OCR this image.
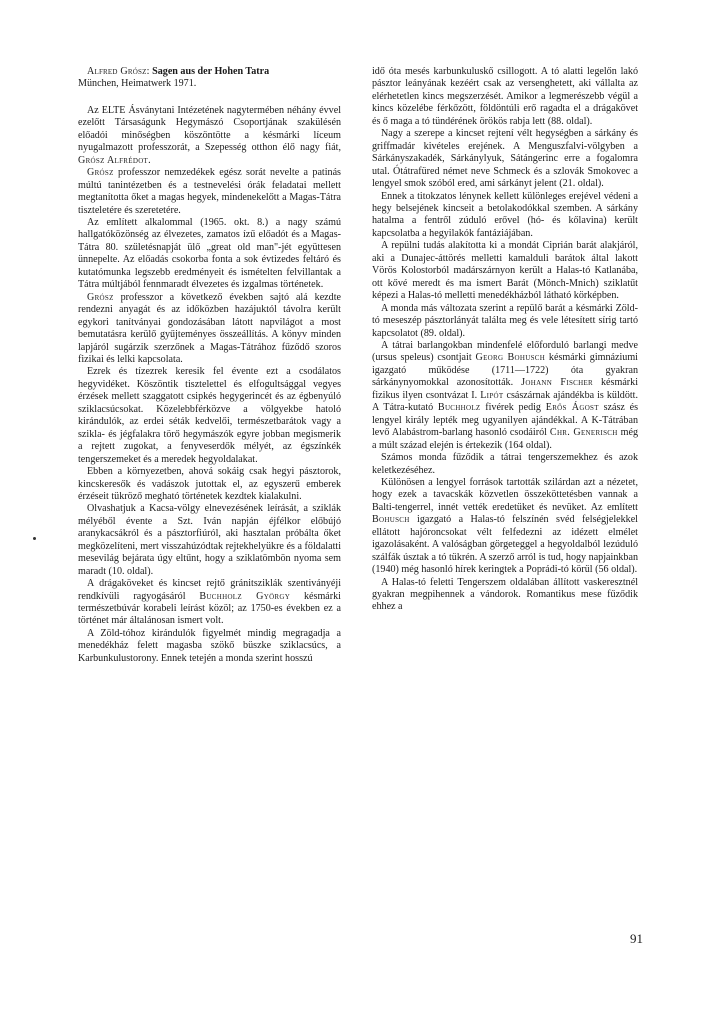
Alfred Grósz: Sagen aus der Hohen Tatra
München, Heimatwerk 1971.

Az ELTE Ásványtani Intézetének nagytermében néhány évvel ezelőtt Társaságunk Hegymászó Csoportjának szakülésén előadói minőségben köszöntötte a késmárki líceum nyugalmazott professzorát, a Szepesség otthon élő nagy fiát, Grósz Alfrédot.

Grósz professzor nemzedékek egész sorát nevelte a patinás múltú tanintézetben és a testnevelési órák feladatai mellett megtanította őket a magas hegyek, mindenekelőtt a Magas-Tátra tiszteletére és szeretetére.

Az említett alkalommal (1965. okt. 8.) a nagy számú hallgatóközönség az élvezetes, zamatos ízű előadót és a Magas-Tátra 80. születésnapját ülő „great old man"-jét együttesen ünnepelte. Az előadás csokorba fonta a sok évtizedes feltáró és kutatómunka legszebb eredményeit és ismételten felvillantak a Tátra múltjából fennmaradt élvezetes és izgalmas történetek.

Grósz professzor a következő években sajtó alá kezdte rendezni anyagát és az időközben hazájuktól távolra került egykori tanítványai gondozásában látott napvilágot a most bemutatásra kerülő gyűjteményes összeállítás. A könyv minden lapjáról sugárzik szerzőnek a Magas-Tátrához fűződő szoros fizikai és lelki kapcsolata.

Ezrek és tízezrek keresik fel évente ezt a csodálatos hegyvidéket. Köszöntik tisztelettel és elfogultsággal vegyes érzések mellett szaggatott csipkés hegygerincét és az égbenyúló sziklacsúcsokat. Közelebbférközve a völgyekbe hatoló kirándulók, az erdei séták kedvelői, természetbarátok vagy a szikla- és jégfalakra törő hegymászók egyre jobban megismerik a rejtett zugokat, a fenyveserdők mélyét, az égszínkék tengerszemeket és a meredek hegyoldalakat.

Ebben a környezetben, ahová sokáig csak hegyi pásztorok, kincskeresők és vadászok jutottak el, az egyszerű emberek érzéseit tükröző megható történetek kezdtek kialakulni.

Olvashatjuk a Kacsa-völgy elnevezésének leírását, a sziklák mélyéből évente a Szt. Iván napján éjfélkor előbújó aranykacsákról és a pásztorfiúról, aki hasztalan próbálta őket megközelíteni, mert visszahúzódtak rejtekhelyükre és a földalatti mesevilág bejárata úgy eltűnt, hogy a sziklatömbön nyoma sem maradt (10. oldal).

A drágaköveket és kincset rejtő gránitsziklák szentiványéji rendkívüli ragyogásáról Buchholz György késmárki természetbúvár korabeli leírást közöl; az 1750-es években ez a történet már általánosan ismert volt.

A Zöld-tóhoz kirándulók figyelmét mindig megragadja a menedékház felett magasba szökő büszke sziklacsúcs, a Karbunkulustorony. Ennek tetején a monda szerint hosszú

idő óta mesés karbunkuluskő csillogott. A tó alatti legelőn lakó pásztor leányának kezéért csak az versenghetett, aki vállalta az elérhetetlen kincs megszerzését. Amikor a legmerészebb végül a kincs közelébe férkőzött, földöntúli erő ragadta el a drágakövet és ő maga a tó tündérének örökös rabja lett (88. oldal).

Nagy a szerepe a kincset rejtení vélt hegységben a sárkány és griffmadár kivételes erejének. A Menguszfalvi-völgyben a Sárkányszakadék, Sárkánylyuk, Sátángerinc erre a fogalomra utal. Ótátrafüred német neve Schmeck és a szlovák Smokovec a lengyel smok szóból ered, ami sárkányt jelent (21. oldal).

Ennek a titokzatos lénynek kellett különleges erejével védeni a hegy belsejének kincseit a betolakodókkal szemben. A sárkány hatalma a fentről zúduló erővel (hó- és kőlavina) került kapcsolatba a hegyilakók fantáziájában.

A repülni tudás alakította ki a mondát Ciprián barát alakjáról, aki a Dunajec-áttörés melletti kamalduli barátok által lakott Vörös Kolostorból madárszárnyon került a Halas-tó Katlanába, ott kővé meredt és ma ismert Barát (Mönch-Mnich) sziklatűt képezi a Halas-tó melletti menedékházból látható körképben.

A monda más változata szerint a repülő barát a késmárki Zöld-tó meseszép pásztorlányát találta meg és vele létesített sírig tartó kapcsolatot (89. oldal).

A tátrai barlangokban mindenfelé előforduló barlangi medve (ursus speleus) csontjait Georg Bohusch késmárki gimnáziumi igazgató működése (1711—1722) óta gyakran sárkánynyomokkal azonosították. Johann Fischer késmárki fizikus ilyen csontvázat I. Lipót császárnak ajándékba is küldött. A Tátra-kutató Buchholz fivérek pedig Erős Ágost szász és lengyel király lepték meg ugyanilyen ajándékkal. A K-Tátrában levő Alabástrom-barlang hasonló csodáiról Chr. Generisch még a múlt század elején is értekezik (164 oldal).

Számos monda fűződik a tátrai tengerszemekhez és azok keletkezéséhez.

Különösen a lengyel források tartották szilárdan azt a nézetet, hogy ezek a tavacskák közvetlen összeköttetésben vannak a Balti-tengerrel, innét vették eredetüket és nevüket. Az említett Bohusch igazgató a Halas-tó felszínén svéd felségjelekkel ellátott hajóroncsokat vélt felfedezni az idézett elmélet igazolásaként. A valóságban görgeteggel a hegyoldalból lezúduló szálfák úsztak a tó tükrén. A szerző arról is tud, hogy napjainkban (1940) még hasonló hírek keringtek a Poprádi-tó körül (56 oldal).

A Halas-tó feletti Tengerszem oldalában állított vaskeresztnél gyakran megpihennek a vándorok. Romantikus mese fűződik ehhez a

91
